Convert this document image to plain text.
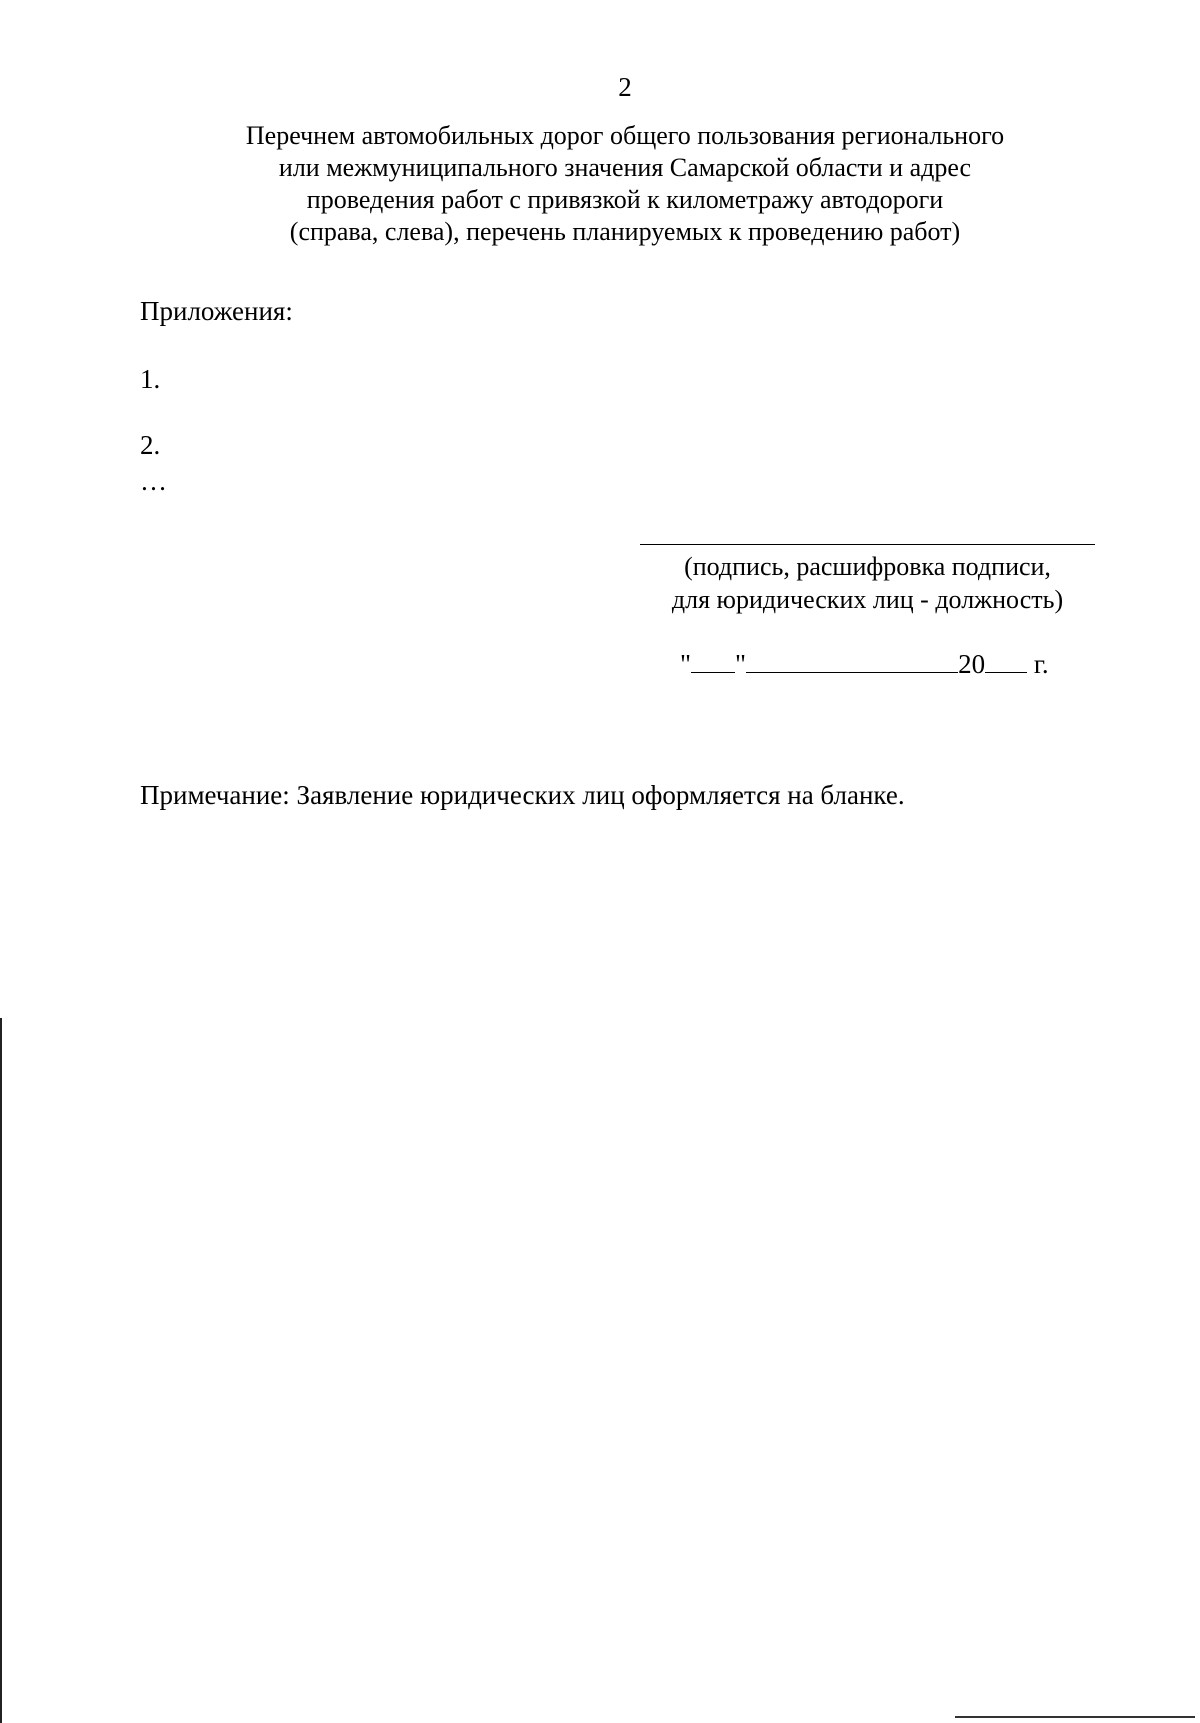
2
Перечнем автомобильных дорог общего пользования регионального
или межмуниципального значения Самарской области и адрес
проведения работ с привязкой к километражу автодороги
(справа, слева), перечень планируемых к проведению работ)
Приложения:
1.
2.
…
(подпись, расшифровка подписи,
для юридических лиц - должность)
" "	20 г.
Примечание: Заявление юридических лиц оформляется на бланке.
